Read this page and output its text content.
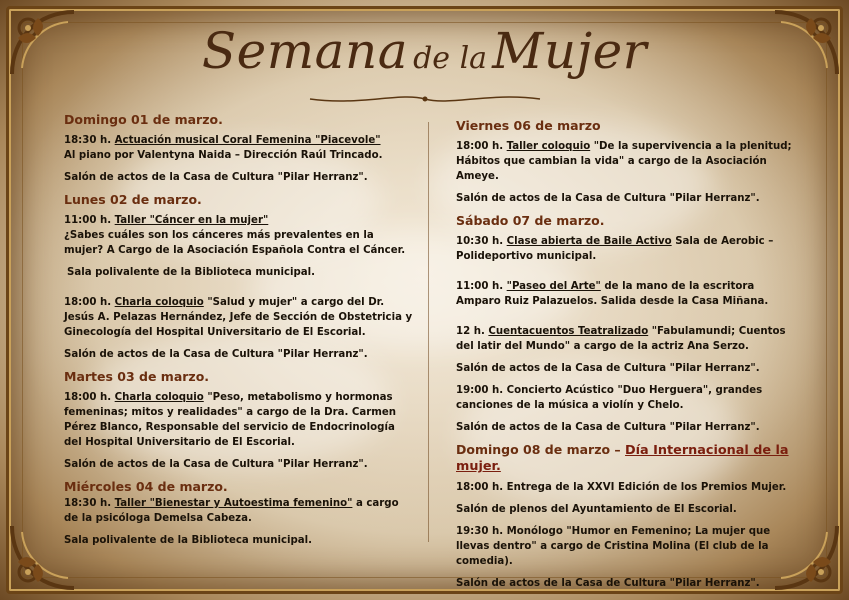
Semana de la Mujer
Domingo 01 de marzo.
18:30 h. Actuación musical Coral Femenina "Piacevole"
Al piano por Valentyna Naida – Dirección Raúl Trincado.
Salón de actos de la Casa de Cultura "Pilar Herranz".
Lunes 02 de marzo.
11:00 h. Taller "Cáncer en la mujer"
¿Sabes cuáles son los cánceres más prevalentes en la mujer? A Cargo de la Asociación Española Contra el Cáncer.
Sala polivalente de la Biblioteca municipal.
18:00 h. Charla coloquio "Salud y mujer" a cargo del Dr. Jesús A. Pelazas Hernández, Jefe de Sección de Obstetricia y Ginecología del Hospital Universitario de El Escorial.
Salón de actos de la Casa de Cultura "Pilar Herranz".
Martes 03 de marzo.
18:00 h. Charla coloquio "Peso, metabolismo y hormonas femeninas; mitos y realidades" a cargo de la Dra. Carmen Pérez Blanco, Responsable del servicio de Endocrinología del Hospital Universitario de El Escorial.
Salón de actos de la Casa de Cultura "Pilar Herranz".
Miércoles 04 de marzo.
18:30 h. Taller "Bienestar y Autoestima femenino" a cargo de la psicóloga Demelsa Cabeza.
Sala polivalente de la Biblioteca municipal.
Viernes 06 de marzo
18:00 h. Taller coloquio "De la supervivencia a la plenitud; Hábitos que cambian la vida" a cargo de la Asociación Ameye.
Salón de actos de la Casa de Cultura "Pilar Herranz".
Sábado 07 de marzo.
10:30 h. Clase abierta de Baile Activo Sala de Aerobic – Polideportivo municipal.
11:00 h. "Paseo del Arte" de la mano de la escritora Amparo Ruiz Palazuelos. Salida desde la Casa Miñana.
12 h. Cuentacuentos Teatralizado "Fabulamundi; Cuentos del latir del Mundo" a cargo de la actriz Ana Serzo.
Salón de actos de la Casa de Cultura "Pilar Herranz".
19:00 h. Concierto Acústico "Duo Herguera", grandes canciones de la música a violín y Chelo.
Salón de actos de la Casa de Cultura "Pilar Herranz".
Domingo 08 de marzo – Día Internacional de la mujer.
18:00 h. Entrega de la XXVI Edición de los Premios Mujer.
Salón de plenos del Ayuntamiento de El Escorial.
19:30 h. Monólogo "Humor en Femenino; La mujer que llevas dentro" a cargo de Cristina Molina (El club de la comedia).
Salón de actos de la Casa de Cultura "Pilar Herranz".
